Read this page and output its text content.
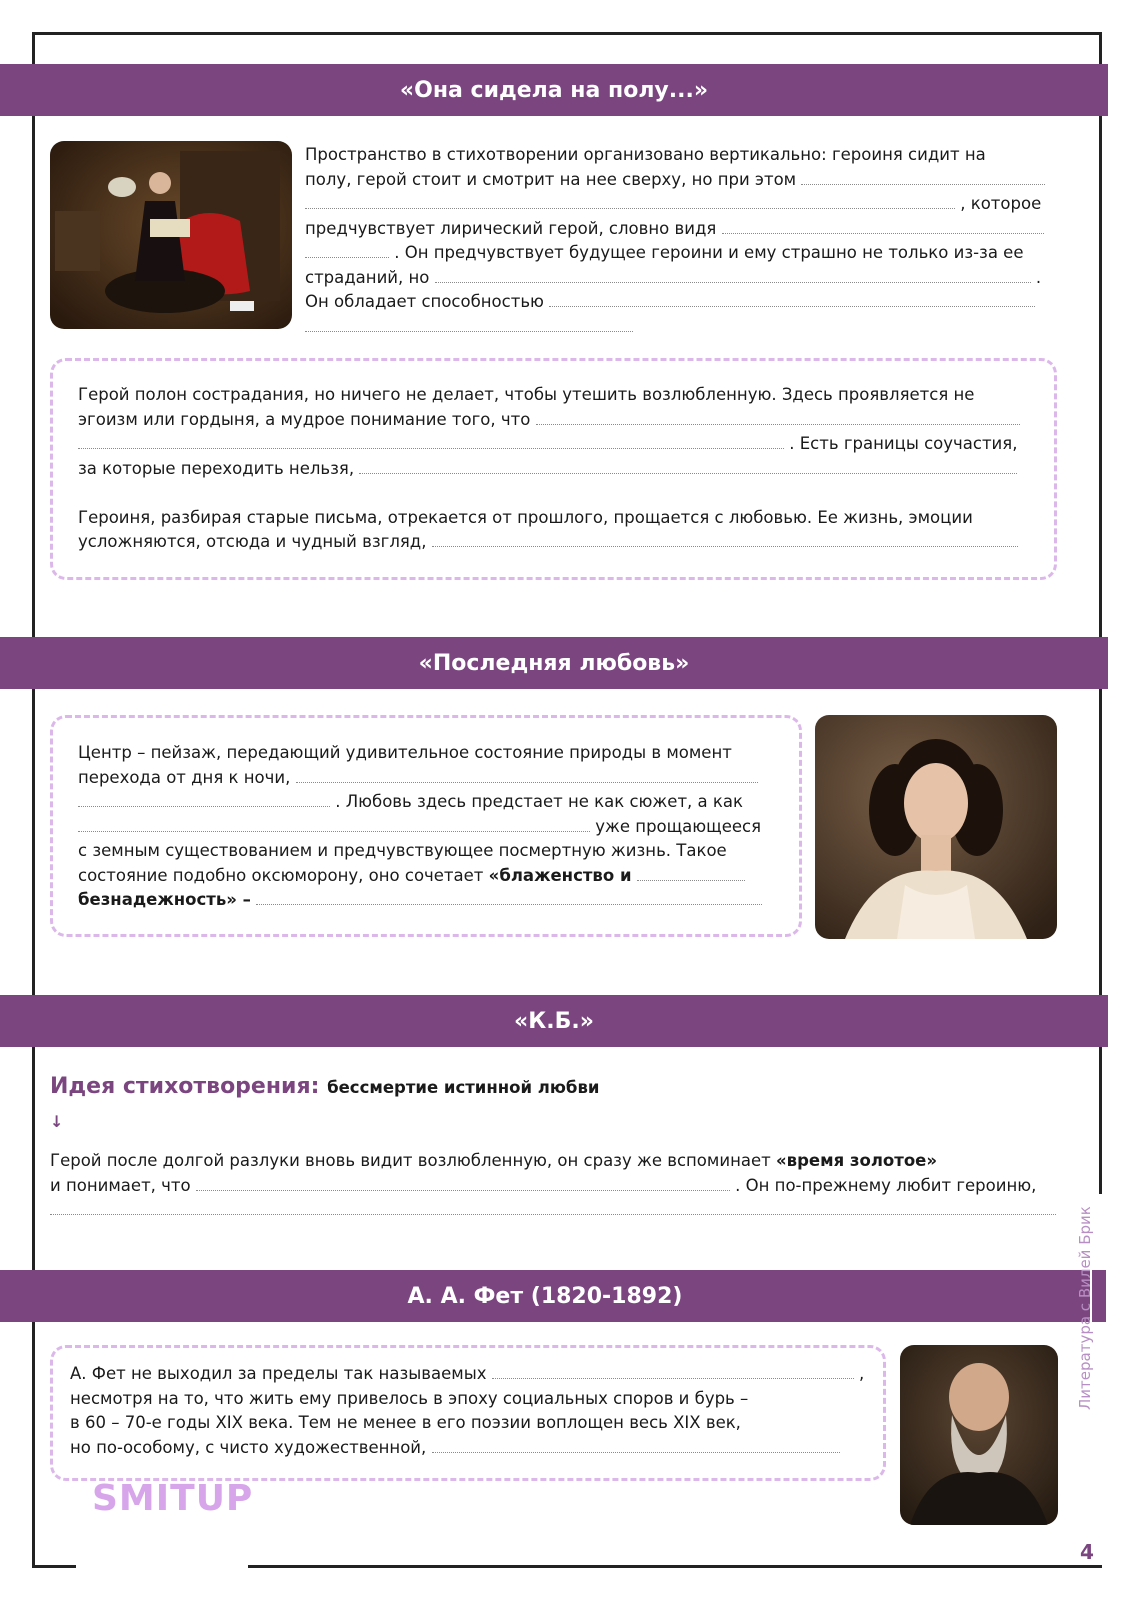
«Она сидела на полу...»
Пространство в стихотворении организовано вертикально: героиня сидит на
полу, герой стоит и смотрит на нее сверху, но при этом
, которое
предчувствует лирический герой, словно видя
. Он предчувствует будущее героини и ему страшно не только из-за ее
страданий, но	.
Он обладает способностью
Герой полон сострадания, но ничего не делает, чтобы утешить возлюбленную. Здесь проявляется не
эгоизм или гордыня, а мудрое понимание того, что
. Есть границы соучастия,
за которые переходить нельзя,
Героиня, разбирая старые письма, отрекается от прошлого, прощается с любовью. Ее жизнь, эмоции
усложняются, отсюда и чудный взгляд,
«Последняя любовь»
Центр – пейзаж, передающий удивительное состояние природы в момент
перехода от дня к ночи,
. Любовь здесь предстает не как сюжет, а как
уже прощающееся
с земным существованием и предчувствующее посмертную жизнь. Такое
состояние подобно оксюморону, оно сочетает «блаженство и
безнадежность» –
«К.Б.»
Идея стихотворения: бессмертие истинной любви
↓
Герой после долгой разлуки вновь видит возлюбленную, он сразу же вспоминает «время золотое»
и понимает, что	. Он по-прежнему любит героиню,
А. А. Фет (1820-1892)
А. Фет не выходил за пределы так называемых	,
несмотря на то, что жить ему привелось в эпоху социальных споров и бурь –
в 60 – 70-е годы XIX века. Тем не менее в его поэзии воплощен весь XIX век,
но по-особому, с чисто художественной,
Литература с Вилей Брик
SMITUP
4
